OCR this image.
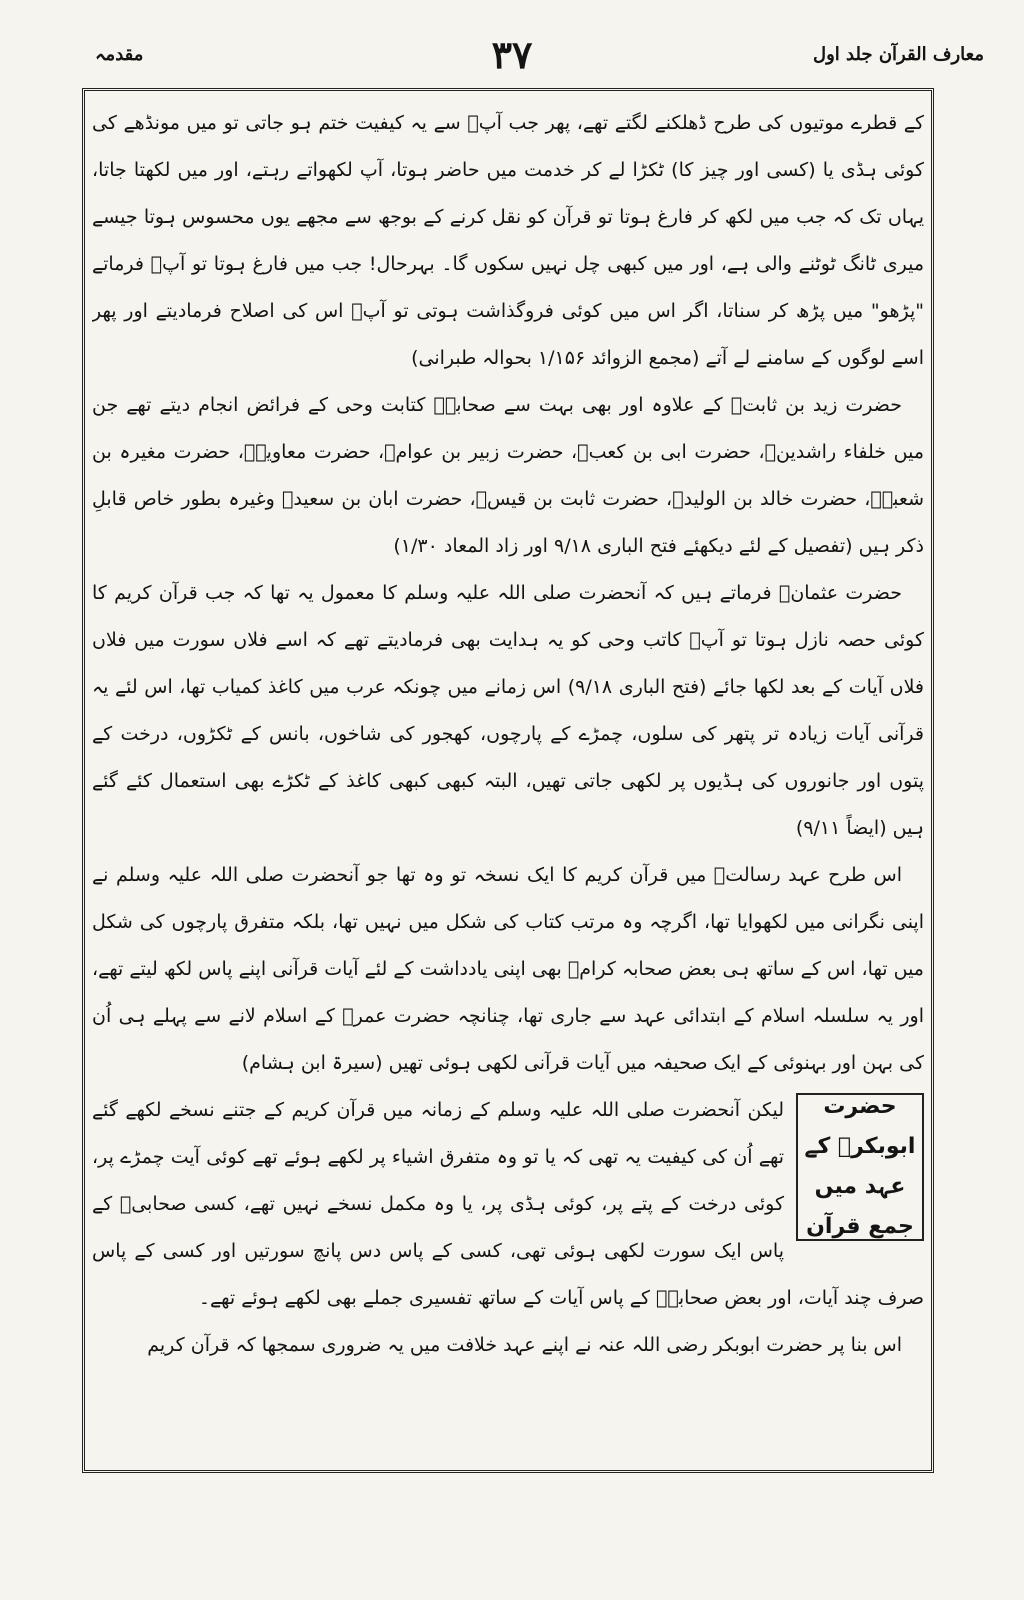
مقدمہ	۳۷	معارف القرآن جلد اول

کے قطرے موتیوں کی طرح ڈھلکنے لگتے تھے، پھر جب آپؐ سے یہ کیفیت ختم ہو جاتی تو میں مونڈھے کی کوئی ہڈی یا (کسی اور چیز کا) ٹکڑا لے کر خدمت میں حاضر ہوتا، آپ لکھواتے رہتے، اور میں لکھتا جاتا، یہاں تک کہ جب میں لکھ کر فارغ ہوتا تو قرآن کو نقل کرنے کے بوجھ سے مجھے یوں محسوس ہوتا جیسے میری ٹانگ ٹوٹنے والی ہے، اور میں کبھی چل نہیں سکوں گا۔ بہرحال! جب میں فارغ ہوتا تو آپؐ فرماتے "پڑھو" میں پڑھ کر سناتا، اگر اس میں کوئی فروگذاشت ہوتی تو آپؐ اس کی اصلاح فرمادیتے اور پھر اسے لوگوں کے سامنے لے آتے (مجمع الزوائد ۱/۱۵۶ بحوالہ طبرانی)

حضرت زید بن ثابتؓ کے علاوہ اور بھی بہت سے صحابہؓ کتابت وحی کے فرائض انجام دیتے تھے جن میں خلفاء راشدینؓ، حضرت ابی بن کعبؓ، حضرت زبیر بن عوامؓ، حضرت معاویہؓ، حضرت مغیرہ بن شعبہؓ، حضرت خالد بن الولیدؓ، حضرت ثابت بن قیسؓ، حضرت ابان بن سعیدؓ وغیرہ بطور خاص قابلِ ذکر ہیں (تفصیل کے لئے دیکھئے فتح الباری ۹/۱۸ اور زاد المعاد ۱/۳۰)

حضرت عثمانؓ فرماتے ہیں کہ آنحضرت صلی اللہ علیہ وسلم کا معمول یہ تھا کہ جب قرآن کریم کا کوئی حصہ نازل ہوتا تو آپؐ کاتب وحی کو یہ ہدایت بھی فرمادیتے تھے کہ اسے فلاں سورت میں فلاں فلاں آیات کے بعد لکھا جائے (فتح الباری ۹/۱۸) اس زمانے میں چونکہ عرب میں کاغذ کمیاب تھا، اس لئے یہ قرآنی آیات زیادہ تر پتھر کی سلوں، چمڑے کے پارچوں، کھجور کی شاخوں، بانس کے ٹکڑوں، درخت کے پتوں اور جانوروں کی ہڈیوں پر لکھی جاتی تھیں، البتہ کبھی کبھی کاغذ کے ٹکڑے بھی استعمال کئے گئے ہیں (ایضاً ۹/۱۱)

اس طرح عہد رسالتؐ میں قرآن کریم کا ایک نسخہ تو وہ تھا جو آنحضرت صلی اللہ علیہ وسلم نے اپنی نگرانی میں لکھوایا تھا، اگرچہ وہ مرتب کتاب کی شکل میں نہیں تھا، بلکہ متفرق پارچوں کی شکل میں تھا، اس کے ساتھ ہی بعض صحابہ کرامؓ بھی اپنی یادداشت کے لئے آیات قرآنی اپنے پاس لکھ لیتے تھے، اور یہ سلسلہ اسلام کے ابتدائی عہد سے جاری تھا، چنانچہ حضرت عمرؓ کے اسلام لانے سے پہلے ہی اُن کی بہن اور بہنوئی کے ایک صحیفہ میں آیات قرآنی لکھی ہوئی تھیں (سیرۃ ابن ہشام)

حضرت ابوبکرؓ کے عہد میں جمع قرآن

لیکن آنحضرت صلی اللہ علیہ وسلم کے زمانہ میں قرآن کریم کے جتنے نسخے لکھے گئے تھے اُن کی کیفیت یہ تھی کہ یا تو وہ متفرق اشیاء پر لکھے ہوئے تھے کوئی آیت چمڑے پر، کوئی درخت کے پتے پر، کوئی ہڈی پر، یا وہ مکمل نسخے نہیں تھے، کسی صحابیؓ کے پاس ایک سورت لکھی ہوئی تھی، کسی کے پاس دس پانچ سورتیں اور کسی کے پاس صرف چند آیات، اور بعض صحابہؓ کے پاس آیات کے ساتھ تفسیری جملے بھی لکھے ہوئے تھے۔

اس بنا پر حضرت ابوبکر رضی اللہ عنہ نے اپنے عہد خلافت میں یہ ضروری سمجھا کہ قرآن کریم
